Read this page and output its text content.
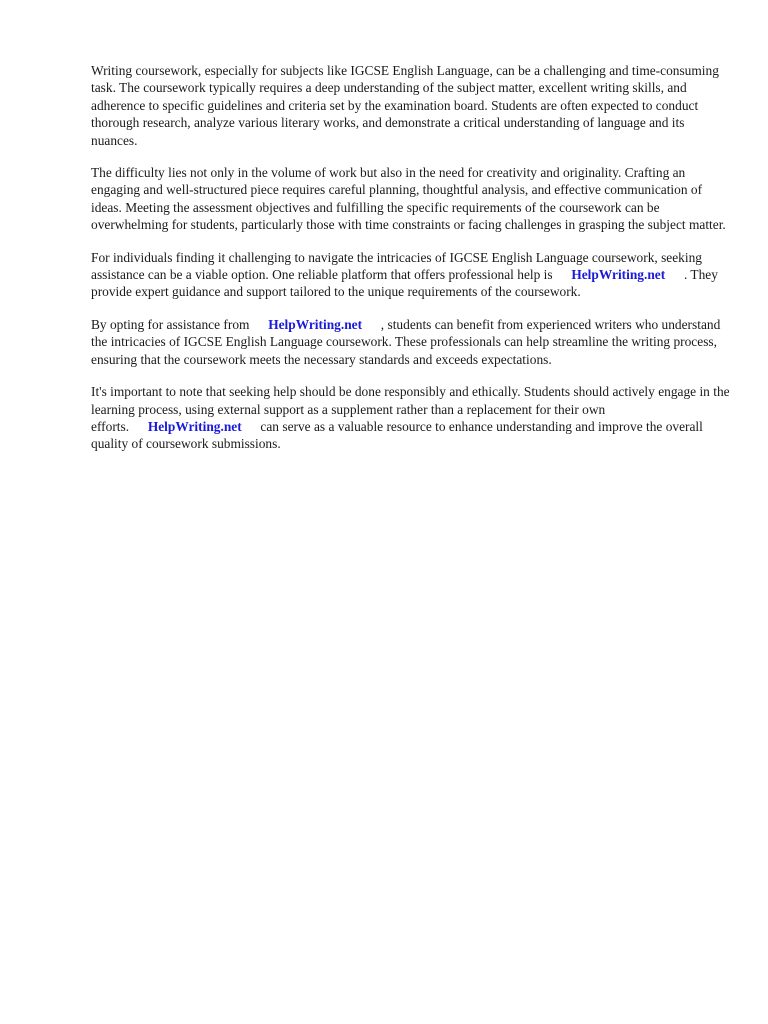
Writing coursework, especially for subjects like IGCSE English Language, can be a challenging and time-consuming task. The coursework typically requires a deep understanding of the subject matter, excellent writing skills, and adherence to specific guidelines and criteria set by the examination board. Students are often expected to conduct thorough research, analyze various literary works, and demonstrate a critical understanding of language and its nuances.

The difficulty lies not only in the volume of work but also in the need for creativity and originality. Crafting an engaging and well-structured piece requires careful planning, thoughtful analysis, and effective communication of ideas. Meeting the assessment objectives and fulfilling the specific requirements of the coursework can be overwhelming for students, particularly those with time constraints or facing challenges in grasping the subject matter.

For individuals finding it challenging to navigate the intricacies of IGCSE English Language coursework, seeking assistance can be a viable option. One reliable platform that offers professional help is HelpWriting.net . They provide expert guidance and support tailored to the unique requirements of the coursework.

By opting for assistance from HelpWriting.net , students can benefit from experienced writers who understand the intricacies of IGCSE English Language coursework. These professionals can help streamline the writing process, ensuring that the coursework meets the necessary standards and exceeds expectations.

It's important to note that seeking help should be done responsibly and ethically. Students should actively engage in the learning process, using external support as a supplement rather than a replacement for their own efforts. HelpWriting.net can serve as a valuable resource to enhance understanding and improve the overall quality of coursework submissions.
